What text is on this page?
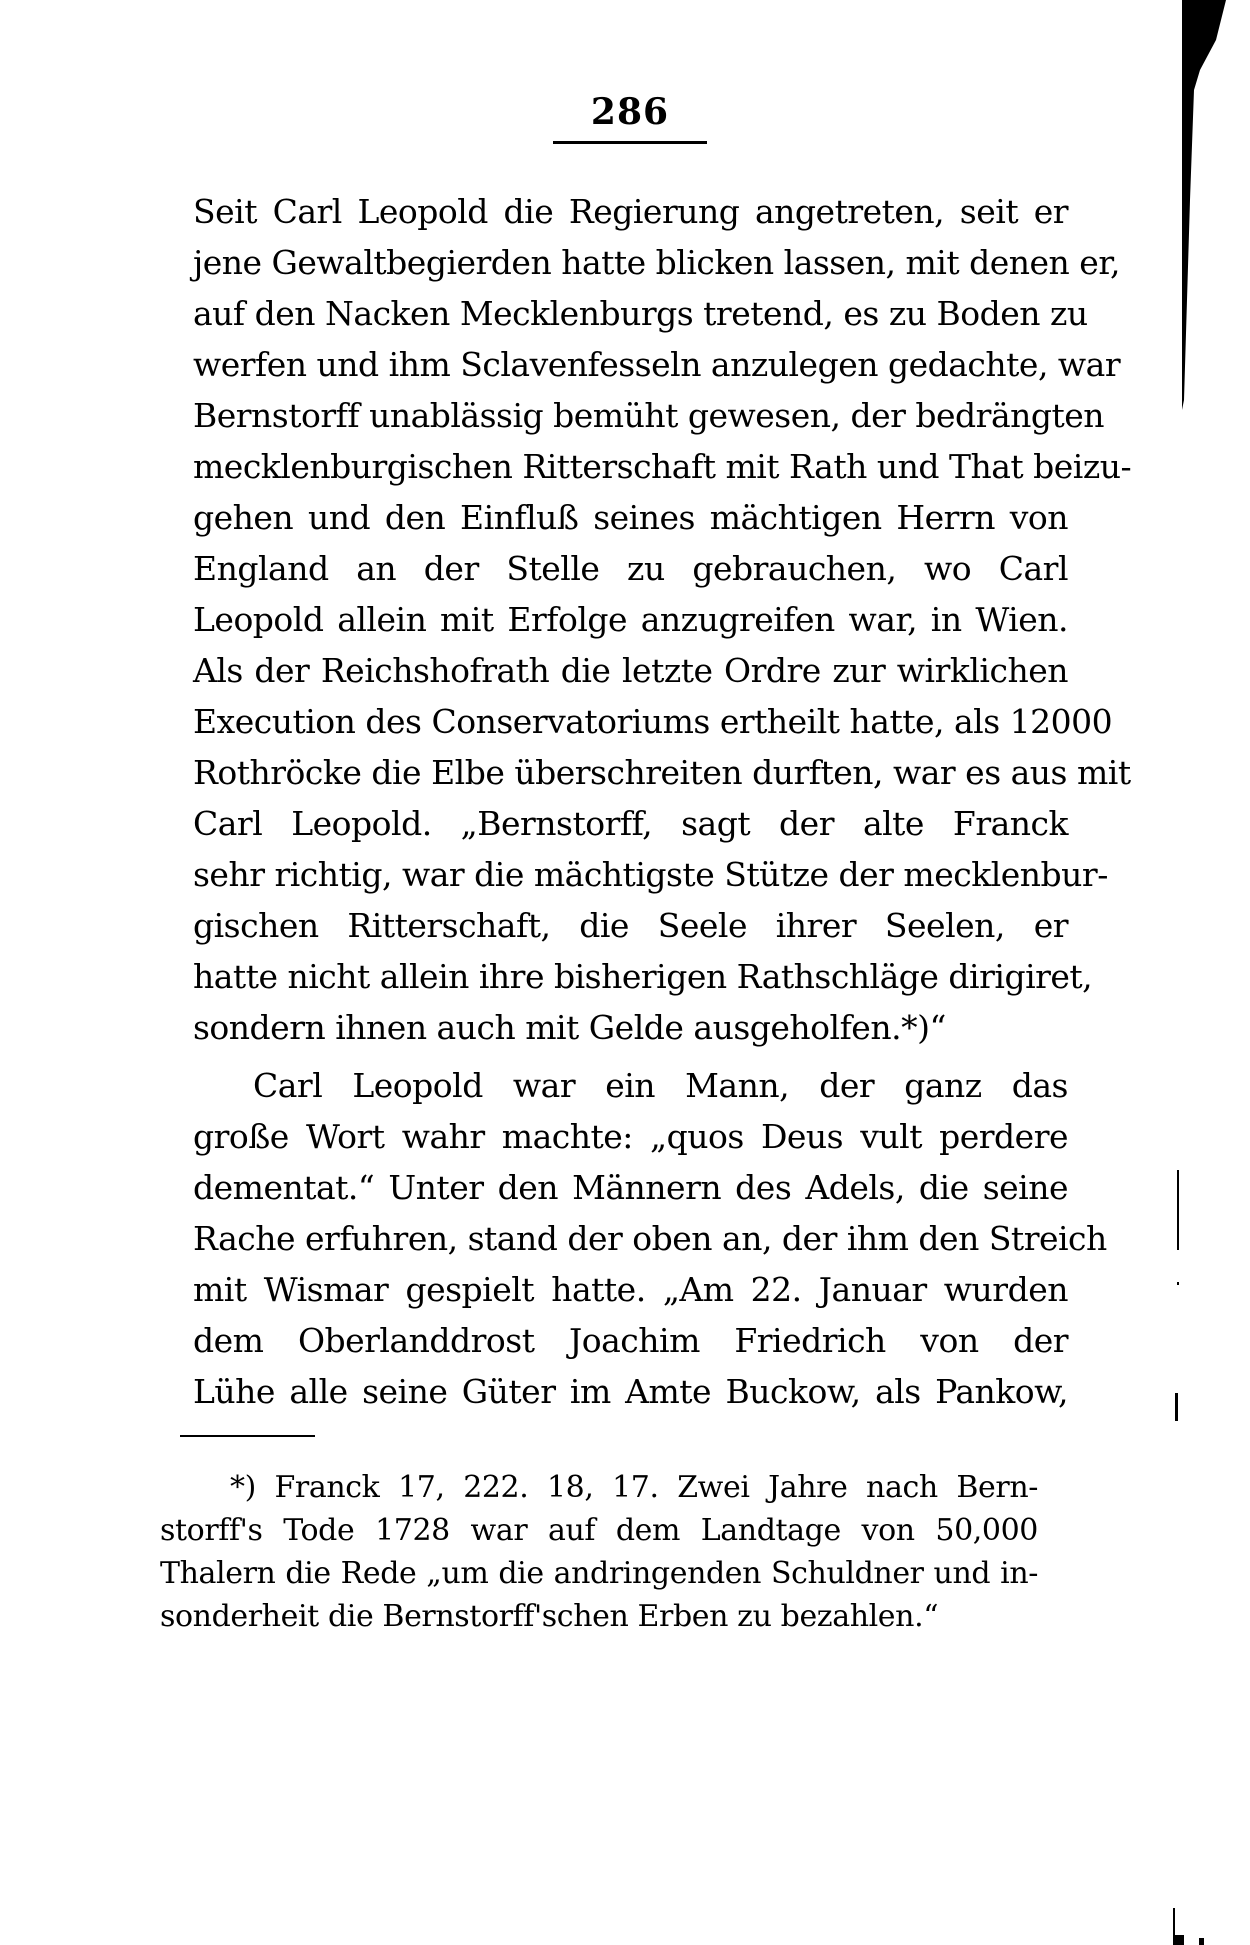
286
Seit Carl Leopold die Regierung angetreten, seit er
jene Gewaltbegierden hatte blicken lassen, mit denen er,
auf den Nacken Mecklenburgs tretend, es zu Boden zu
werfen und ihm Sclavenfesseln anzulegen gedachte, war
Bernstorff unablässig bemüht gewesen, der bedrängten
mecklenburgischen Ritterschaft mit Rath und That beizu-
gehen und den Einfluß seines mächtigen Herrn von
England an der Stelle zu gebrauchen, wo Carl
Leopold allein mit Erfolge anzugreifen war, in Wien.
Als der Reichshofrath die letzte Ordre zur wirklichen
Execution des Conservatoriums ertheilt hatte, als 12000
Rothröcke die Elbe überschreiten durften, war es aus mit
Carl Leopold. „Bernstorff, sagt der alte Franck
sehr richtig, war die mächtigste Stütze der mecklenbur-
gischen Ritterschaft, die Seele ihrer Seelen, er
hatte nicht allein ihre bisherigen Rathschläge dirigiret,
sondern ihnen auch mit Gelde ausgeholfen.*)“
Carl Leopold war ein Mann, der ganz das
große Wort wahr machte: „quos Deus vult perdere
dementat.“ Unter den Männern des Adels, die seine
Rache erfuhren, stand der oben an, der ihm den Streich
mit Wismar gespielt hatte. „Am 22. Januar wurden
dem Oberlanddrost Joachim Friedrich von der
Lühe alle seine Güter im Amte Buckow, als Pankow,
*) Franck 17, 222. 18, 17. Zwei Jahre nach Bern-
storff's Tode 1728 war auf dem Landtage von 50,000
Thalern die Rede „um die andringenden Schuldner und in-
sonderheit die Bernstorff'schen Erben zu bezahlen.“
